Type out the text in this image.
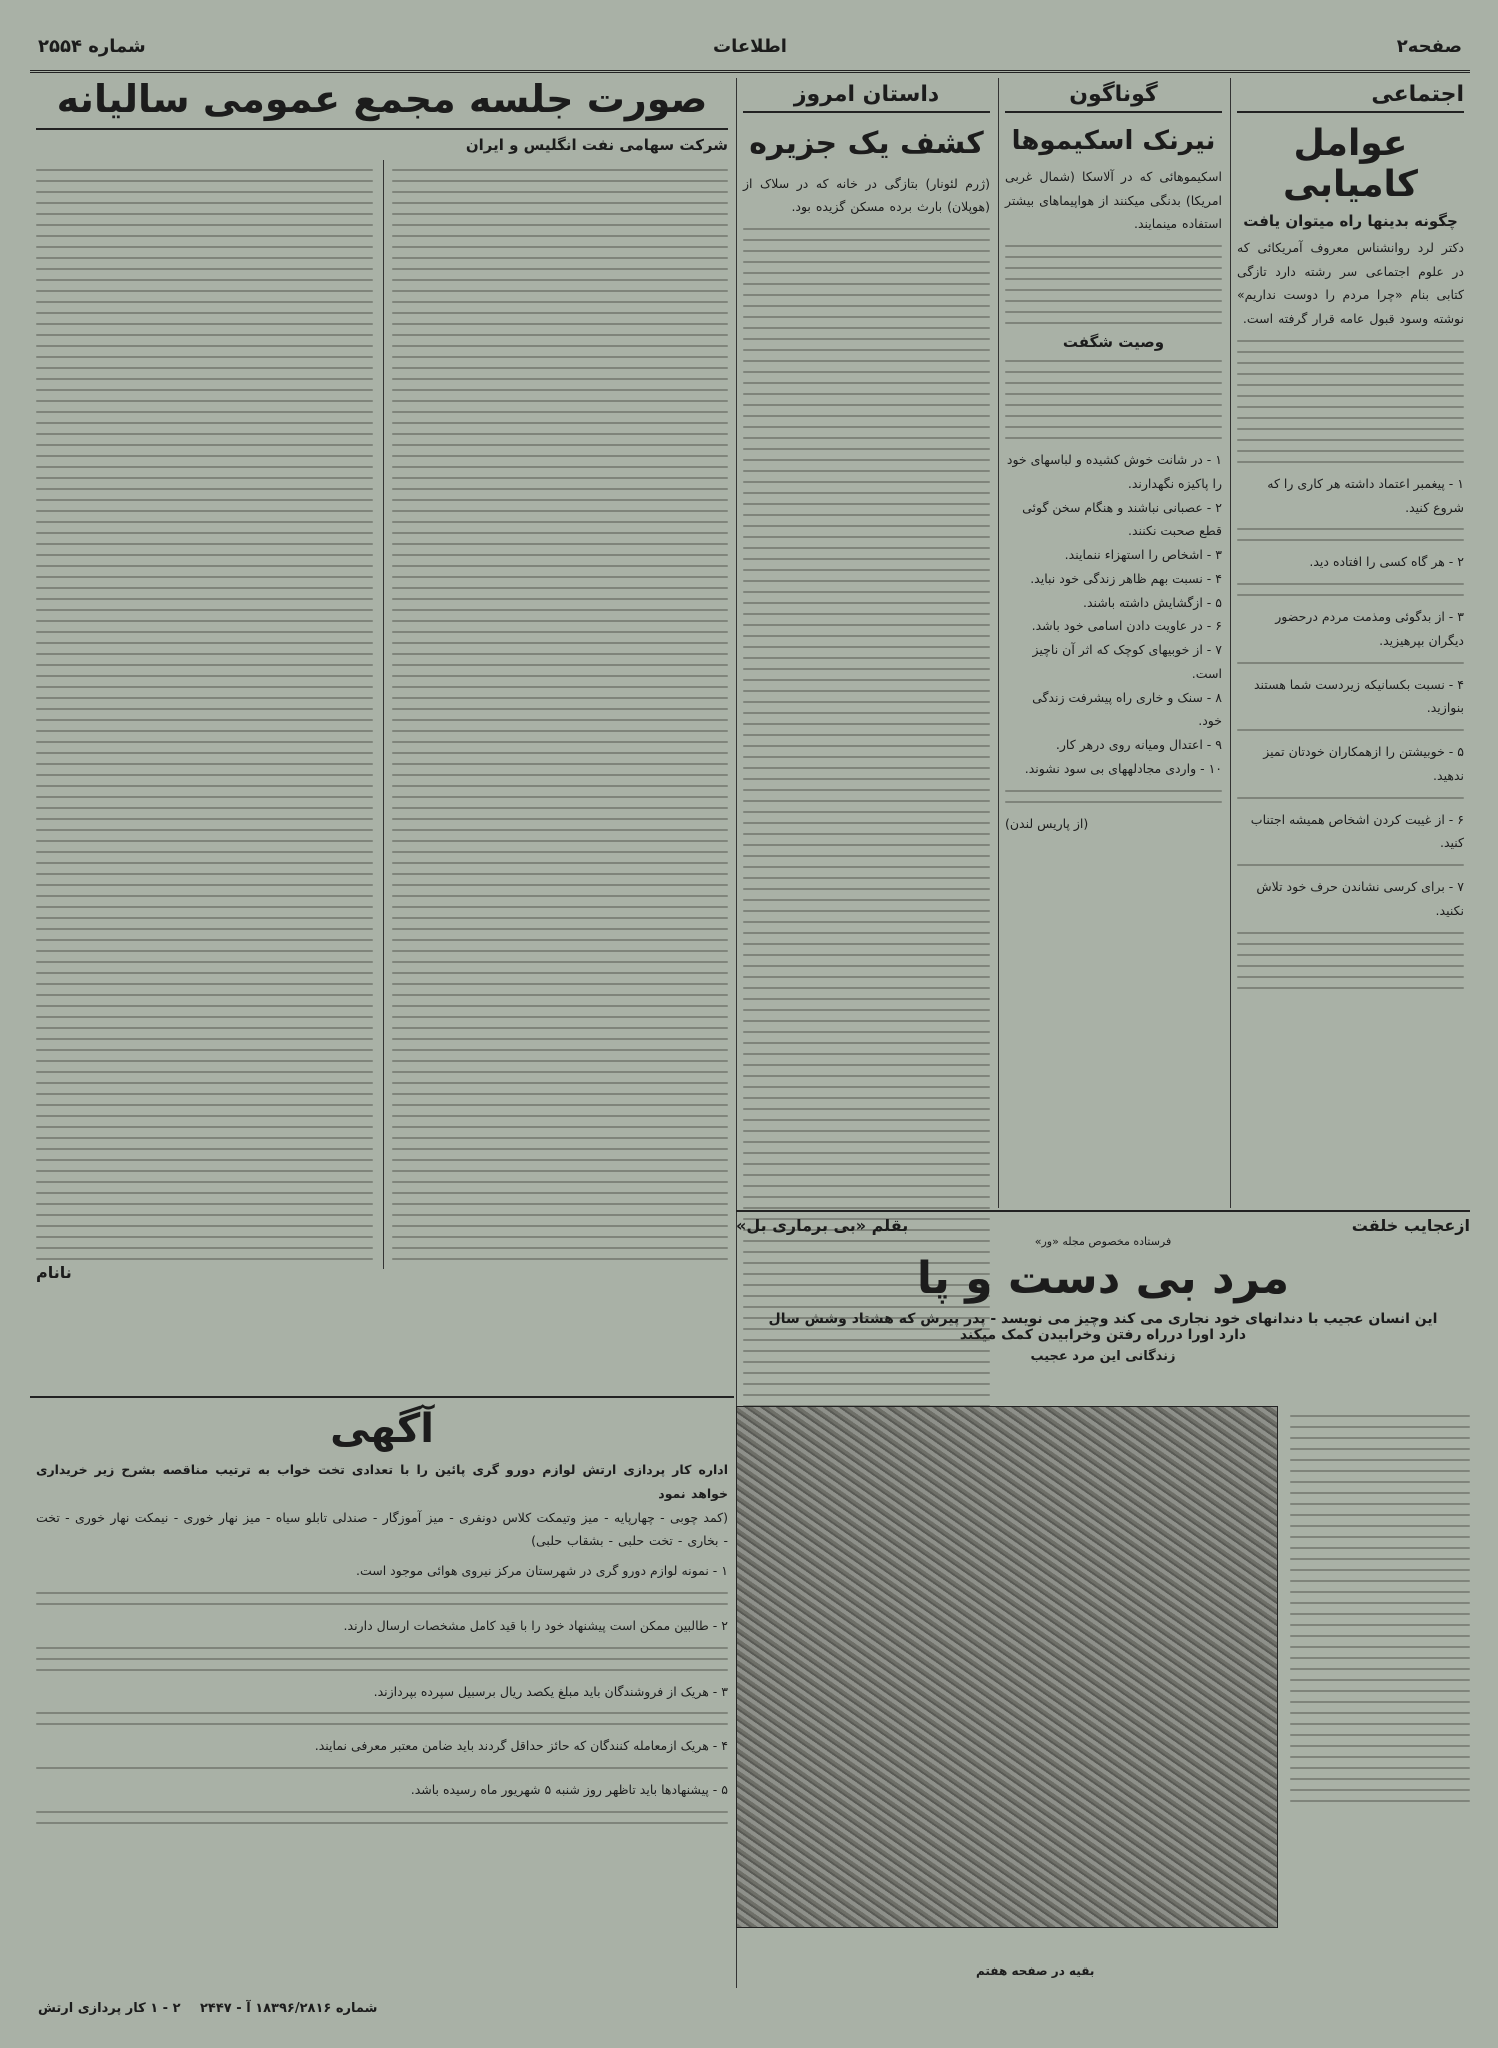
صفحه۲
اطلاعات
شماره ۲۵۵۴
اجتماعی
عوامل کامیابی
چگونه بدینها راه میتوان یافت
دکتر لرد روانشناس معروف آمریکائی که در علوم اجتماعی سر رشته دارد تازگی کتابی بنام «چرا مردم را دوست نداریم» نوشته وسود قبول عامه قرار گرفته است.
۱ - پیغمبر اعتماد داشته هر کاری را که شروع کنید.
۲ - هر گاه کسی را افتاده دید.
۳ - از بدگوئی ومذمت مردم درحضور دیگران بپرهیزید.
۴ - نسبت بکسانیکه زیردست شما هستند بنوازید.
۵ - خوبیشتن را ازهمکاران خودتان تمیز ندهید.
۶ - از غیبت کردن اشخاص همیشه اجتناب کنید.
۷ - برای کرسی نشاندن حرف خود تلاش نکنید.
گوناگون
نیرنک اسکیموها
اسکیموهائی که در آلاسکا (شمال غربی امریکا) بدنگی میکنند از هواپیماهای بیشتر استفاده مینمایند.
وصیت شگفت
۱ - در شانت خوش کشیده و لباسهای خود را پاکیزه نگهدارند.
۲ - عصبانی نباشند و هنگام سخن گوئی قطع صحبت نکنند.
۳ - اشخاص را استهزاء ننمایند.
۴ - نسبت بهم ظاهر زندگی خود نباید.
۵ - ازگشایش داشته باشند.
۶ - در عاویت دادن اسامی خود باشد.
۷ - از خوبیهای کوچک که اثر آن ناچیز است.
۸ - سنک و خاری راه پیشرفت زندگی خود.
۹ - اعتدال ومیانه روی درهر کار.
۱۰ - واردی مجادلههای بی سود نشوند.
(از پاریس لندن)
داستان امروز
کشف یک جزیره
(ژرم لئونار) بتازگی در خانه که در سلاک از (هوپلان) بارث برده مسکن گزیده بود.
صورت جلسه مجمع عمومی سالیانه
شرکت سهامی نفت انگلیس و ایران
نانام
آگهی
اداره کار پردازی ارتش لوازم دورو گری پائین را با تعدادی تخت خواب به ترتیب مناقصه بشرح زیر خریداری خواهد نمود
(کمد چوبی - چهارپایه - میز وتیمکت کلاس دونفری - میز آموزگار - صندلی تابلو سیاه - میز نهار خوری - نیمکت نهار خوری - تخت - بخاری - تخت حلبی - بشقاب حلبی)
۱ - نمونه لوازم دورو گری در شهرستان مرکز نیروی هوائی موجود است.
۲ - طالبین ممکن است پیشنهاد خود را با قید کامل مشخصات ارسال دارند.
۳ - هریک از فروشندگان باید مبلغ یکصد ریال برسبیل سپرده بپردازند.
۴ - هریک ازمعامله کنندگان که حائز حداقل گردند باید ضامن معتبر معرفی نمایند.
۵ - پیشنهادها باید تاظهر روز شنبه ۵ شهریور ماه رسیده باشد.
ازعجایب خلقت
بقلم «بی برماری بل»
فرستاده مخصوص مجله «ور»
مرد بی دست و پا
این انسان عجیب با دندانهای خود نجاری می کند وچیز می نویسد - پدر پیرش که هشتاد وشش سال دارد اورا درراه رفتن وخرابیدن کمک میکند
زندگانی این مرد عجیب
بقیه در صفحه هفتم
۲ - ۱ کار پردازی ارتش شماره ۱۸۳۹۶/۲۸۱۶ آ - ۲۴۴۷
